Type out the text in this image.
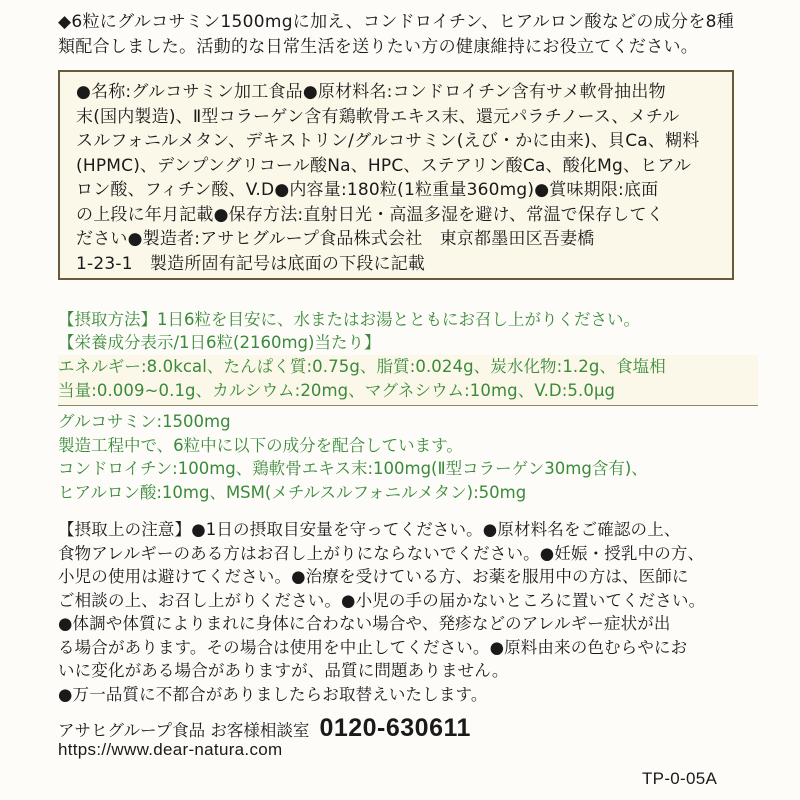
◆6粒にグルコサミン1500mgに加え、コンドロイチン、ヒアルロン酸などの成分を8種
類配合しました。活動的な日常生活を送りたい方の健康維持にお役立てください。
●名称:グルコサミン加工食品●原材料名:コンドロイチン含有サメ軟骨抽出物
末(国内製造)、Ⅱ型コラーゲン含有鶏軟骨エキス末、還元パラチノース、メチル
スルフォニルメタン、デキストリン/グルコサミン(えび・かに由来)、貝Ca、糊料
(HPMC)、デンプングリコール酸Na、HPC、ステアリン酸Ca、酸化Mg、ヒアル
ロン酸、フィチン酸、V.D●内容量:180粒(1粒重量360mg)●賞味期限:底面
の上段に年月記載●保存方法:直射日光・高温多湿を避け、常温で保存してく
ださい●製造者:アサヒグループ食品株式会社　東京都墨田区吾妻橋
1-23-1　製造所固有記号は底面の下段に記載
【摂取方法】1日6粒を目安に、水またはお湯とともにお召し上がりください。
【栄養成分表示/1日6粒(2160mg)当たり】
エネルギー:8.0kcal、たんぱく質:0.75g、脂質:0.024g、炭水化物:1.2g、食塩相
当量:0.009~0.1g、カルシウム:20mg、マグネシウム:10mg、V.D:5.0μg
グルコサミン:1500mg
製造工程中で、6粒中に以下の成分を配合しています。
コンドロイチン:100mg、鶏軟骨エキス末:100mg(Ⅱ型コラーゲン30mg含有)、
ヒアルロン酸:10mg、MSM(メチルスルフォニルメタン):50mg
【摂取上の注意】●1日の摂取目安量を守ってください。●原材料名をご確認の上、
食物アレルギーのある方はお召し上がりにならないでください。●妊娠・授乳中の方、
小児の使用は避けてください。●治療を受けている方、お薬を服用中の方は、医師に
ご相談の上、お召し上がりください。●小児の手の届かないところに置いてください。
●体調や体質によりまれに身体に合わない場合や、発疹などのアレルギー症状が出
る場合があります。その場合は使用を中止してください。●原料由来の色むらやにお
いに変化がある場合がありますが、品質に問題ありません。
●万一品質に不都合がありましたらお取替えいたします。
アサヒグループ食品 お客様相談室 0120-630611
https://www.dear-natura.com
TP-0-05A
